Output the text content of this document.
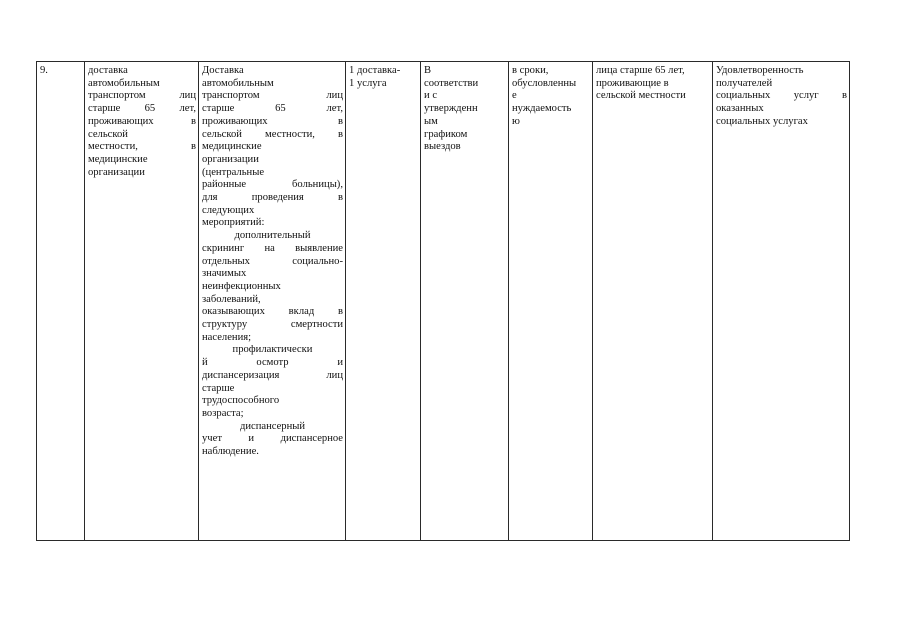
9.	доставка
автомобильным
транспортом лиц
старше 65 лет,
проживающих в
сельской
местности, в
медицинские
организации
Доставка
автомобильным
транспортом лиц
старше 65 лет,
проживающих в
сельской местности, в
медицинские
организации
(центральные
районные больницы),
для проведения в
следующих
мероприятий:
дополнительный
скрининг на выявление
отдельных социально-
значимых
неинфекционных
заболеваний,
оказывающих вклад в
структуру смертности
населения;
профилактически
й осмотр и
диспансеризация лиц
старше
трудоспособного
возраста;
диспансерный
учет и диспансерное
наблюдение.
1 доставка-
1 услуга
В
соответстви
и с
утвержденн
ым
графиком
выездов
в сроки,
обусловленны
е
нуждаемость
ю
лица старше 65 лет,
проживающие в
сельской местности
Удовлетворенность
получателей
социальных услуг в
оказанных
социальных услугах
